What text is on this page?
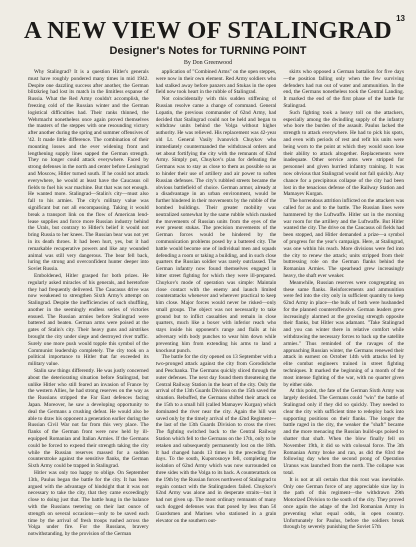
13
A NEW VIEW OF STALINGRAD
Designer's Notes for TURNING POINT
By Don Greenwood

Why Stalingrad? It is a question Hitler's generals must have roughly pondered many times in mid 1942. Despite one dazzling success after another, the German blitzkrieg had lost its match in the limitless expanse of Russia. What the Red Army couldn't accomplish, the freezing cold of the Russian winter and the German logistical difficulties had. Their ranks thinned, the Wehrmacht nonetheless once again proved themselves the masters of the steppes with one resounding victory after another during the spring and summer offensives of '42. It made little difference. The combination of their mounting losses and the ever widening front and lengthening supply lines sapped the German strength. They no longer could attack everywhere. Faced by strong defenses in the north and center before Leningrad and Moscow, Hitler turned south. If he could not attack everywhere, he would at least have the Caucasus oil fields to fuel his war machine. But that was not enough. He wanted more. Stalingrad—Stalin's city—must also fall to his armies. The city's military value was significant but not all encompassing. Taking it would break a transport link on the flow of American lend-lease supplies and force more Russian industry behind the Urals, but contrary to Hitler's belief it would not bring Russia to her knees. The Russian bear was not yet in its death throes. It had been hurt, yes, but it had remarkable recuperative powers and like any wounded animal was still very dangerous. The bear fell back, luring the strong and overconfident hunter deeper into Soviet Russia.

Emboldened, Hitler grasped for both prizes. He regularly asked miracles of his generals, and heretofore they had frequently delivered. The Caucasus drive was now weakened to strengthen Sixth Army's attempt on Stalingrad. Despite the inefficiencies of such shuffling, another in the seemingly endless series of victories ensued. The Russian armies before Stalingrad were battered and beaten. German arms were poised at the gates of Stalin's city. Their heavy guns and airstrikes brought the city under siege and destroyed river traffic. Surely one more push would topple this symbol of the Communist leadership completely. The city took on a political importance to Hitler that far exceeded its military value.

Stalin saw things differently. He was justly concerned about the deteriorating situation before Stalingrad, but unlike Hitler who still feared an invasion of France by the western Allies, he had strong reserves on the way as the Russians stripped the Far East defences facing Japan. Moreover, he saw a developing opportunity to deal the Germans a crushing defeat. He would also be able to draw his opponent a generation earlier during the Russian Civil War not far from this very place. The flanks of the German front were now held by ill-equipped Romanian and Italian Armies. If the Germans could be forced to expend their strength taking the city while the Russian reserves massed for a sudden counterstroke against the sensitive flanks, the German Sixth Army could be trapped in Stalingrad.

Hitler was only too happy to oblige. On September 13th, Paulus began the battle for the city. It has been argued with the advantage of hindsight that it was not necessary to take the city, that they came exceedingly close to doing just that. The battle hung in the balance with the Russians teetering on their last ounce of strength on several occasions—only to be saved each time by the arrival of fresh troops rushed across the Volga under fire. For the Russians, bravery notwithstanding, by the provision of the German

application of "Combined Arms" on the open steppes, were now in their own element. Red Army soldiers who had stalked away before panzers and Stukas in the open field now took heart in the rubble of Stalingrad.

Not coincidentally with this sudden stiffening of Russian resolve came a change of command. General Lopatin, the previous commander of 62nd Army, had decided that Stalingrad could not be held and began to withdraw units behind the Volga without higher authority. He was relieved. His replacement was 42-year old Lt. General Vasily Ivanovich Chuykov who immediately countermanded the withdrawal orders and set about fortifying the city with the remnants of 62nd Army. Simply put, Chuykov's plan for defeating the Germans was to stay as close to them as possible so as to hinder their use of artillery and air power to soften Russian defenses. The city's rubbled streets became the obvious battlefield of choice. German armor, already at a disadvantage in an urban environment, would be further hindered in their movements by the rubble of the bombed buildings. Their greater mobility was neutralized somewhat by the same rubble which masked the movements of Russian units from the eyes of the ever present stukas. The precision movements of the German forces would be hindered by the communication problems posed by a battered city. The battle would become one of individual men and squads defending a room or taking a building, and in such close quarters the Russian soldier was rarely outclassed. The German infantry now found themselves engaged in bitter street fighting for which they were ill-prepared. Chuykov's mode of operation was simple: Maintain close contact with the enemy and launch limited counterattacks whenever and wherever practical to keep him close. Major forces would never be risked—only small groups. The object was not necessarily to take ground but to inflict casualties and remain in close quarters, much like a boxer with inferior reach who stays inside his opponent's range and flails at his adversary with body punches to wear him down while preventing him from extending his arms to land a knockout punch.

The battle for the city opened on 13 September with a two-pronged attack against the city from Gorodishche and Peschanka. The Germans quickly sliced through the outer defenses. The next day found them threatening the Central Railway Station in the heart of the city. Only the arrival of the 13th Guards Division on the 15th saved the situation. Rebuffed, the Germans shifted their attack on the 15th to a small hill (called Mamayev Kurgan) which dominated the river near the city. Again the hill was saved only by the timely arrival of the 42nd Regiment—the last of the 13th Guards Division to cross the river. The fighting switched back to the Central Railway Station which fell to the Germans on the 17th, only to be retaken and subsequently permanently lost on the 18th. It had changed hands 13 times in the preceding five days. To the south, Kuporosnoye fell, completing the isolation of 62nd Army which was now surrounded on three sides with the Volga to its back. A counterattack on the 19th by the Russian forces northwest of Stalingrad to regain contact with the Stalingraders failed. Chuykov's 62nd Army was alone and in desperate straits—but it had not given up. The most ordinary remnants of many such dogged defenses was that posed by less than 50 Guardsmen and Marines who stationed in a grain elevator on the southern out-

skirts who opposed a German battalion for five days—the position falling only when the few surviving defenders had run out of water and ammunition. In the end, the Germans nonetheless took the Central Landing. It marked the end of the first phase of the battle for Stalingrad.

Such fighting took a heavy toll on the attackers, especially among the dwindling supply of the infantry who bore the burden of the assault. Paulus lacked the strength to attack everywhere. He had to pick his spots, and even with periods of rest and refit his units were being worn to the point at which they would soon lose their ability to attack altogether. Replacements were inadequate. Other service arms were stripped for personnel and given hurried infantry training. It was now obvious that Stalingrad would not fall quickly. Any chance for a precipitous collapse of the city had been lost in the tenacious defense of the Railway Station and Mamayev Kurgan.

The horrendous attrition inflicted on the attackers was called for as and to the battle. The Russian lines were hammered by the Luftwaffe. Hitler sat in the morning war room for the artillery and the Luftwaffe. But Hitler wanted the city. The drive on the Caucasus oil fields had been stopped, and Hitler demanded a prize—a symbol of progress for the year's campaign. Here, at Stalingrad, was one within his reach. More divisions were fed into the city to renew the attack; units stripped from their buttressing role on the German flanks behind the Romanian Armies. The spearhead grew increasingly heavy, the shaft ever weaker.

Meanwhile, Russian reserves were congregating on these same flanks. Reinforcements and ammunition were fed into the city only in sufficient quantity to keep 62nd Army in place—the bulk of both were husbanded for the planned counteroffensive. German leaders grew increasingly alarmed at the growing strength opposite their flanks, but Hitler was adamant. "Take Stalingrad and you can winter there in relative comfort while withdrawing the necessary forces to back up the satellite armies." Thus reminded of the ravages of the approaching Russian winter, the Germans renewed their attack in earnest on October 14th with attacks led by elite combat engineers trained in street fighting techniques. It marked the beginning of a month of the most intense fighting of the war, with no quarter given by either side.

At this point, the fate of the German Sixth Army was largely decided. The Germans could "win" the battle of Stalingrad only if they did so quickly. They needed to clear the city with sufficient time to redeploy back into supporting positions on their flanks. The longer the battle raged in the city, the weaker the "shaft" became and the more menacing the Russian build-ups poised to shatter that shaft. When the blow finally fell on November 19th, it did so with colossal force. The 3th Romanian Army broke and ran, as did the 83rd the following day when the second prong of Operation Uranus was launched from the north. The collapse was total.

It is not at all certain that this rout was inevitable. Only one German force of any appreciable size lay in the path of this regiment—the withdrawn 29th Motorized Division to the south of the city. They proved once again the adage of the 3rd Romanian Army in preventing what equal odds, in open country. Unfortunately for Paulus, before the soldiers break through by severely punishing the Soviet 57th
